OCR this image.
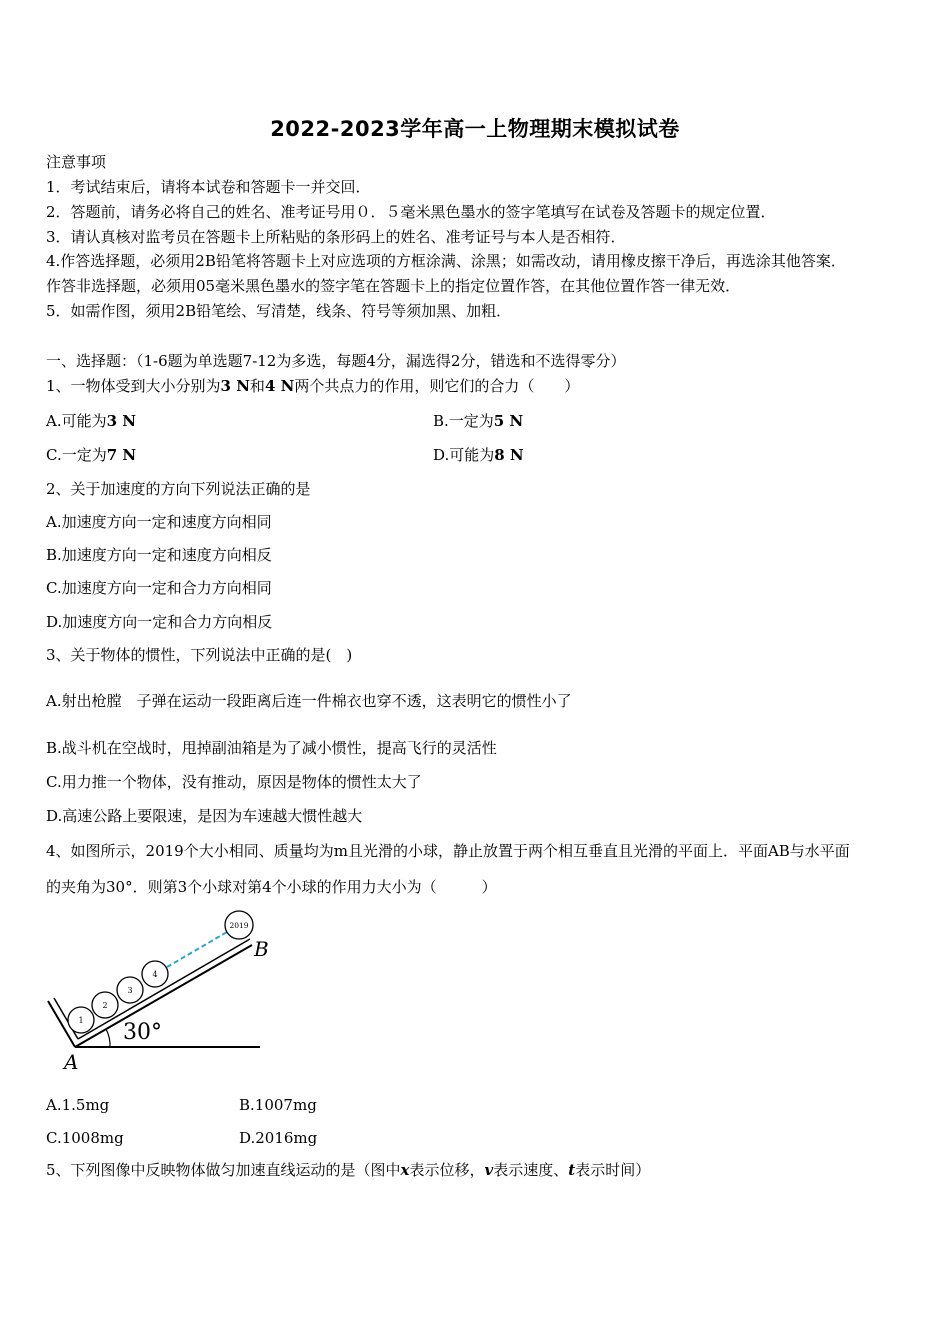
2022-2023学年高一上物理期末模拟试卷
注意事项
1．考试结束后，请将本试卷和答题卡一并交回．
2．答题前，请务必将自己的姓名、准考证号用０．５毫米黑色墨水的签字笔填写在试卷及答题卡的规定位置．
3．请认真核对监考员在答题卡上所粘贴的条形码上的姓名、准考证号与本人是否相符．
4.作答选择题，必须用2B铅笔将答题卡上对应选项的方框涂满、涂黑；如需改动，请用橡皮擦干净后，再选涂其他答案．
作答非选择题，必须用05毫米黑色墨水的签字笔在答题卡上的指定位置作答，在其他位置作答一律无效．
5．如需作图，须用2B铅笔绘、写清楚，线条、符号等须加黑、加粗．
一、选择题：（1-6题为单选题7-12为多选，每题4分，漏选得2分，错选和不选得零分）
1、一物体受到大小分别为3 N和4 N两个共点力的作用，则它们的合力（　　）
A.可能为3 N	B.一定为5 N
C.一定为7 N	D.可能为8 N
2、关于加速度的方向下列说法正确的是
A.加速度方向一定和速度方向相同
B.加速度方向一定和速度方向相反
C.加速度方向一定和合力方向相同
D.加速度方向一定和合力方向相反
3、关于物体的惯性，下列说法中正确的是(　)
A.射出枪膛　子弹在运动一段距离后连一件棉衣也穿不透，这表明它的惯性小了
B.战斗机在空战时，甩掉副油箱是为了减小惯性，提高飞行的灵活性
C.用力推一个物体，没有推动，原因是物体的惯性太大了
D.高速公路上要限速，是因为车速越大惯性越大
4、如图所示，2019个大小相同、质量均为m且光滑的小球，静止放置于两个相互垂直且光滑的平面上．平面AB与水平面
的夹角为30°．则第3个小球对第4个小球的作用力大小为（　　　）
1
2
3
4
2019
30°
A
B
A.1.5mg	B.1007mg
C.1008mg	D.2016mg
5、下列图像中反映物体做匀加速直线运动的是（图中x表示位移，v表示速度、t表示时间）
